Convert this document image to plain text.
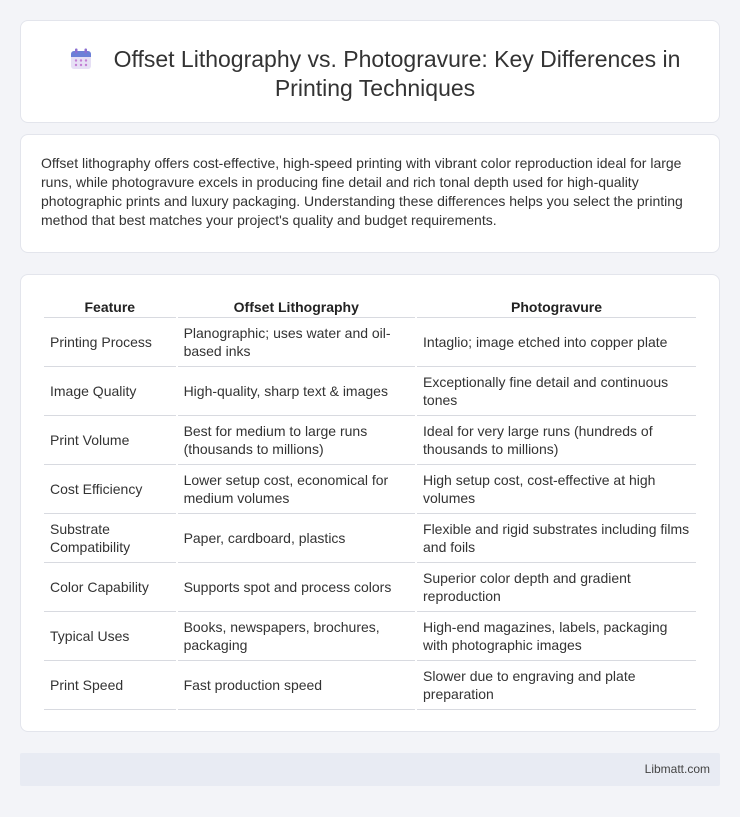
Offset Lithography vs. Photogravure: Key Differences in Printing Techniques

Offset lithography offers cost-effective, high-speed printing with vibrant color reproduction ideal for large runs, while photogravure excels in producing fine detail and rich tonal depth used for high-quality photographic prints and luxury packaging. Understanding these differences helps you select the printing method that best matches your project's quality and budget requirements.

Feature	Offset Lithography	Photogravure
Printing Process	Planographic; uses water and oil-based inks	Intaglio; image etched into copper plate
Image Quality	High-quality, sharp text & images	Exceptionally fine detail and continuous tones
Print Volume	Best for medium to large runs (thousands to millions)	Ideal for very large runs (hundreds of thousands to millions)
Cost Efficiency	Lower setup cost, economical for medium volumes	High setup cost, cost-effective at high volumes
Substrate Compatibility	Paper, cardboard, plastics	Flexible and rigid substrates including films and foils
Color Capability	Supports spot and process colors	Superior color depth and gradient reproduction
Typical Uses	Books, newspapers, brochures, packaging	High-end magazines, labels, packaging with photographic images
Print Speed	Fast production speed	Slower due to engraving and plate preparation
Libmatt.com
